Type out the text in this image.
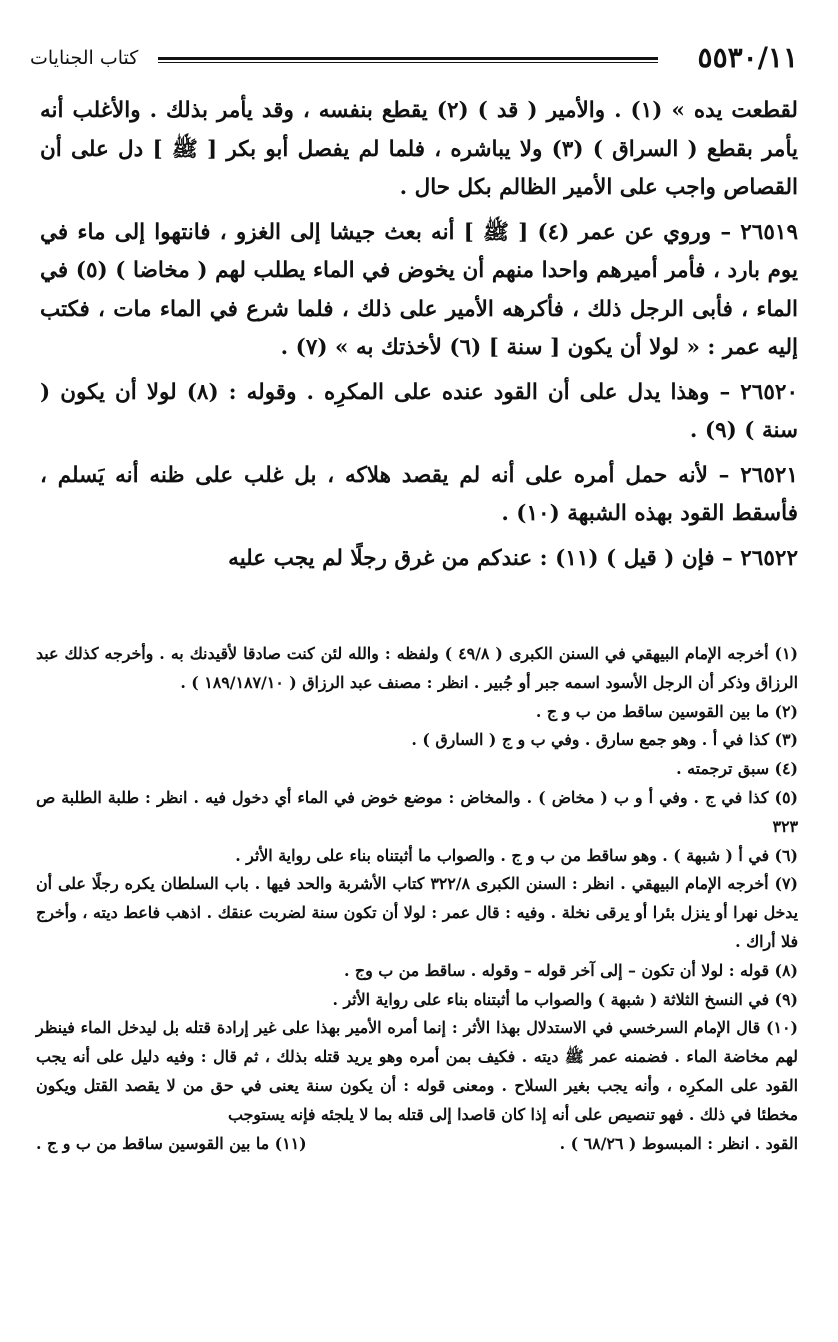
٥٥٣٠/١١
كتاب الجنايات

لقطعت يده » (١) . والأمير ( قد ) (٢) يقطع بنفسه ، وقد يأمر بذلك . والأغلب أنه يأمر بقطع ( السراق ) (٣) ولا يباشره ، فلما لم يفصل أبو بكر [ ﷺ ] دل على أن القصاص واجب على الأمير الظالم بكل حال .

٢٦٥١٩ – وروي عن عمر (٤) [ ﷺ ] أنه بعث جيشا إلى الغزو ، فانتهوا إلى ماء في يوم بارد ، فأمر أميرهم واحدا منهم أن يخوض في الماء يطلب لهم ( مخاضا ) (٥) في الماء ، فأبى الرجل ذلك ، فأكرهه الأمير على ذلك ، فلما شرع في الماء مات ، فكتب إليه عمر : « لولا أن يكون [ سنة ] (٦) لأخذتك به » (٧) .

٢٦٥٢٠ – وهذا يدل على أن القود عنده على المكرِه . وقوله : (٨) لولا أن يكون ( سنة ) (٩) .

٢٦٥٢١ – لأنه حمل أمره على أنه لم يقصد هلاكه ، بل غلب على ظنه أنه يَسلم ، فأسقط القود بهذه الشبهة (١٠) .

٢٦٥٢٢ – فإن ( قيل ) (١١) : عندكم من غرق رجلًا لم يجب عليه

(١) أخرجه الإمام البيهقي في السنن الكبرى ( ٤٩/٨ ) ولفظه : والله لئن كنت صادقا لأقيدنك به . وأخرجه كذلك عبد الرزاق وذكر أن الرجل الأسود اسمه جبر أو جُبير . انظر : مصنف عبد الرزاق ( ١٨٩/١٨٧/١٠ ) .

(٢) ما بين القوسين ساقط من ب و ج .

(٣) كذا في أ . وهو جمع سارق . وفي ب و ج ( السارق ) .

(٤) سبق ترجمته .

(٥) كذا في ج . وفي أ و ب ( مخاض ) . والمخاض : موضع خوض في الماء أي دخول فيه . انظر : طلبة الطلبة ص ٣٢٣

(٦) في أ ( شبهة ) . وهو ساقط من ب و ج . والصواب ما أثبتناه بناء على رواية الأثر .

(٧) أخرجه الإمام البيهقي . انظر : السنن الكبرى ٣٢٢/٨ كتاب الأشربة والحد فيها . باب السلطان يكره رجلًا على أن يدخل نهرا أو ينزل بئرا أو يرقى نخلة . وفيه : قال عمر : لولا أن تكون سنة لضربت عنقك . اذهب فاعط ديته ، وأخرج فلا أراك .

(٨) قوله : لولا أن تكون – إلى آخر قوله – وقوله . ساقط من ب وج .

(٩) في النسخ الثلاثة ( شبهة ) والصواب ما أثبتناه بناء على رواية الأثر .

(١٠) قال الإمام السرخسي في الاستدلال بهذا الأثر : إنما أمره الأمير بهذا على غير إرادة قتله بل ليدخل الماء فينظر لهم مخاضة الماء . فضمنه عمر ﷺ ديته . فكيف بمن أمره وهو يريد قتله بذلك ، ثم قال : وفيه دليل على أنه يجب القود على المكرِه ، وأنه يجب بغير السلاح . ومعنى قوله : أن يكون سنة يعنى في حق من لا يقصد القتل ويكون مخطئا في ذلك . فهو تنصيص على أنه إذا كان قاصدا إلى قتله بما لا يلجئه فإنه يستوجب

القود . انظر : المبسوط ( ٦٨/٢٦ ) .
(١١) ما بين القوسين ساقط من ب و ج .
